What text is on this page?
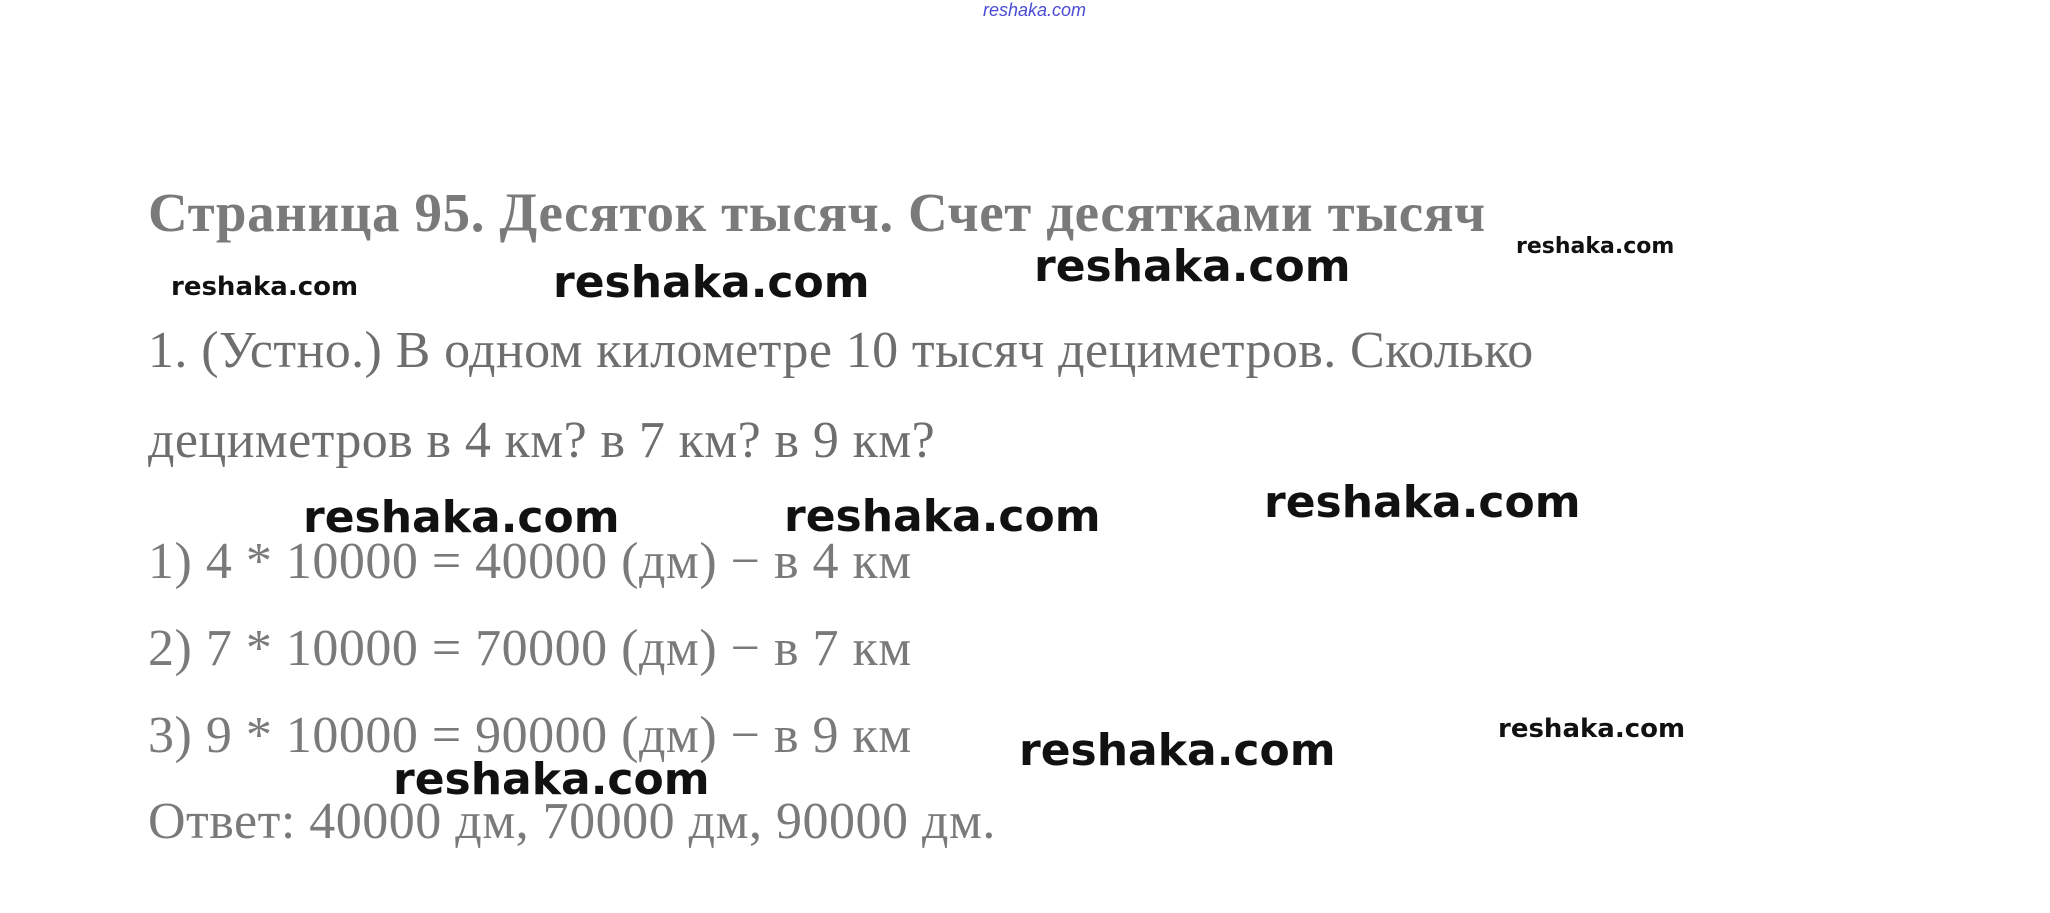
reshaka.com
Страница 95. Десяток тысяч. Счет десятками тысяч
1. (Устно.) В одном километре 10 тысяч дециметров. Сколько
дециметров в 4 км? в 7 км? в 9 км?
1) 4 * 10000 = 40000 (дм) − в 4 км
2) 7 * 10000 = 70000 (дм) − в 7 км
3) 9 * 10000 = 90000 (дм) − в 9 км
Ответ: 40000 дм, 70000 дм, 90000 дм.
reshaka.com	reshaka.com	reshaka.com	reshaka.com
reshaka.com	reshaka.com	reshaka.com
reshaka.com
reshaka.com
reshaka.com
